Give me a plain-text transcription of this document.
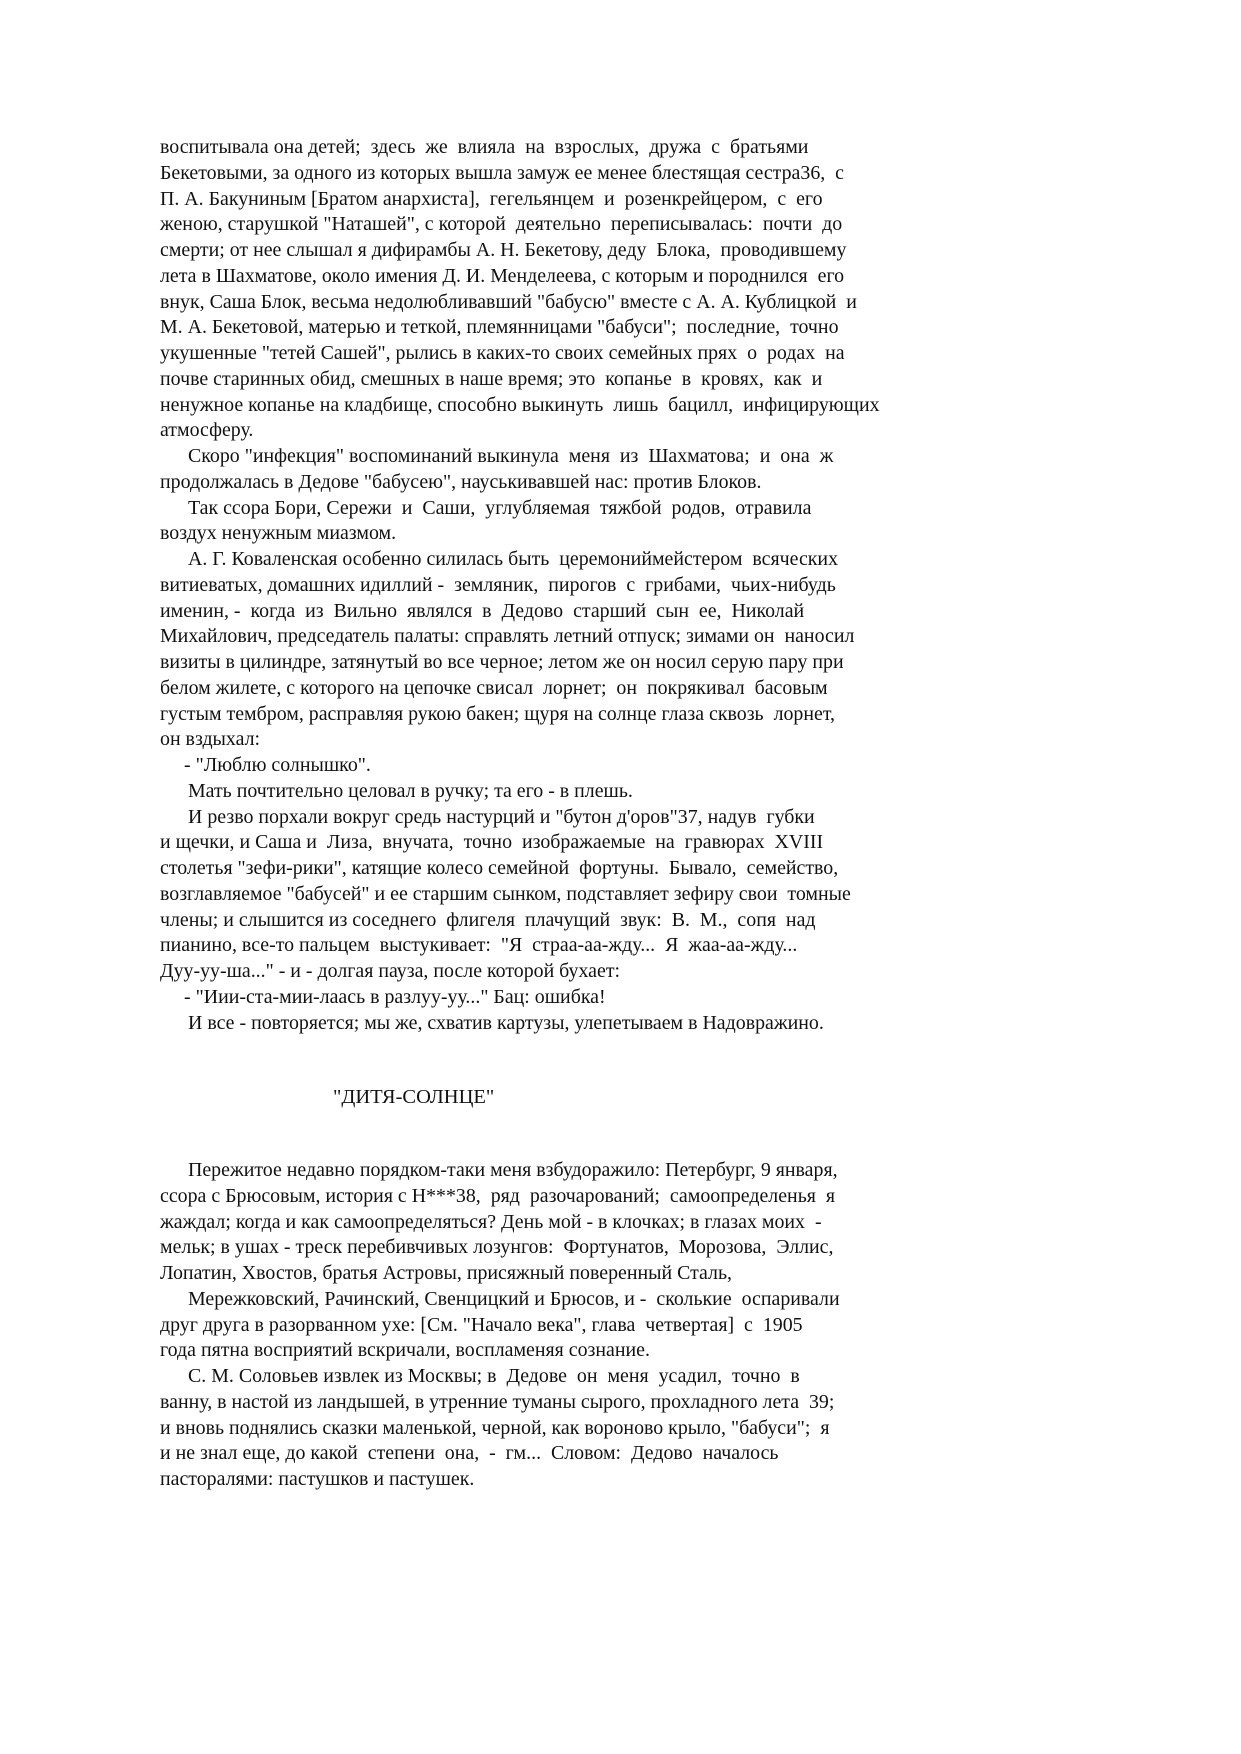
воспитывала она детей;  здесь  же  влияла  на  взрослых,  дружа  с  братьями
Бекетовыми, за одного из которых вышла замуж ее менее блестящая сестра36,  с
П. А. Бакуниным [Братом анархиста],  гегельянцем  и  розенкрейцером,  с  его
женою, старушкой "Наташей", с которой  деятельно  переписывалась:  почти  до
смерти; от нее слышал я дифирамбы А. Н. Бекетову, деду  Блока,  проводившему
лета в Шахматове, около имения Д. И. Менделеева, с которым и породнился  его
внук, Саша Блок, весьма недолюбливавший "бабусю" вместе с А. А. Кублицкой  и
М. А. Бекетовой, матерью и теткой, племянницами "бабуси";  последние,  точно
укушенные "тетей Сашей", рылись в каких-то своих семейных прях  о  родах  на
почве старинных обид, смешных в наше время; это  копанье  в  кровях,  как  и
ненужное копанье на кладбище, способно выкинуть  лишь  бацилл,  инфицирующих
атмосферу.
Скоро "инфекция" воспоминаний выкинула  меня  из  Шахматова;  и  она  ж
продолжалась в Дедове "бабусею", науськивавшей нас: против Блоков.
Так ссора Бори, Сережи  и  Саши,  углубляемая  тяжбой  родов,  отравила
воздух ненужным миазмом.
А. Г. Коваленская особенно силилась быть  церемониймейстером  всяческих
витиеватых, домашних идиллий -  земляник,  пирогов  с  грибами,  чьих-нибудь
именин, -  когда  из  Вильно  являлся  в  Дедово  старший  сын  ее,  Николай
Михайлович, председатель палаты: справлять летний отпуск; зимами он  наносил
визиты в цилиндре, затянутый во все черное; летом же он носил серую пару при
белом жилете, с которого на цепочке свисал  лорнет;  он  покрякивал  басовым
густым тембром, расправляя рукою бакен; щуря на солнце глаза сквозь  лорнет,
он вздыхал:
- "Люблю солнышко".
Мать почтительно целовал в ручку; та его - в плешь.
И резво порхали вокруг средь настурций и "бутон д'оров"37, надув  губки
и щечки, и Саша и  Лиза,  внучата,  точно  изображаемые  на  гравюрах  XVIII
столетья "зефи-рики", катящие колесо семейной  фортуны.  Бывало,  семейство,
возглавляемое "бабусей" и ее старшим сынком, подставляет зефиру свои  томные
члены; и слышится из соседнего  флигеля  плачущий  звук:  В.  М.,  сопя  над
пианино, все-то пальцем  выстукивает:  "Я  страа-аа-жду...  Я  жаа-аа-жду...
Дуу-уу-ша..." - и - долгая пауза, после которой бухает:
- "Иии-ста-мии-лаась в разлуу-уу..." Бац: ошибка!
И все - повторяется; мы же, схватив картузы, улепетываем в Надовражино.
"ДИТЯ-СОЛНЦЕ"
Пережитое недавно порядком-таки меня взбудоражило: Петербург, 9 января,
ссора с Брюсовым, история с Н***38,  ряд  разочарований;  самоопределенья  я
жаждал; когда и как самоопределяться? День мой - в клочках; в глазах моих  -
мельк; в ушах - треск перебивчивых лозунгов:  Фортунатов,  Морозова,  Эллис,
Лопатин, Хвостов, братья Астровы, присяжный поверенный Сталь,
Мережковский, Рачинский, Свенцицкий и Брюсов, и -  сколькие  оспаривали
друг друга в разорванном ухе: [См. "Начало века", глава  четвертая]  с  1905
года пятна восприятий вскричали, воспламеняя сознание.
С. М. Соловьев извлек из Москвы; в  Дедове  он  меня  усадил,  точно  в
ванну, в настой из ландышей, в утренние туманы сырого, прохладного лета  39;
и вновь поднялись сказки маленькой, черной, как вороново крыло, "бабуси";  я
и не знал еще, до какой  степени  она,  -  гм...  Словом:  Дедово  началось
пасторалями: пастушков и пастушек.
